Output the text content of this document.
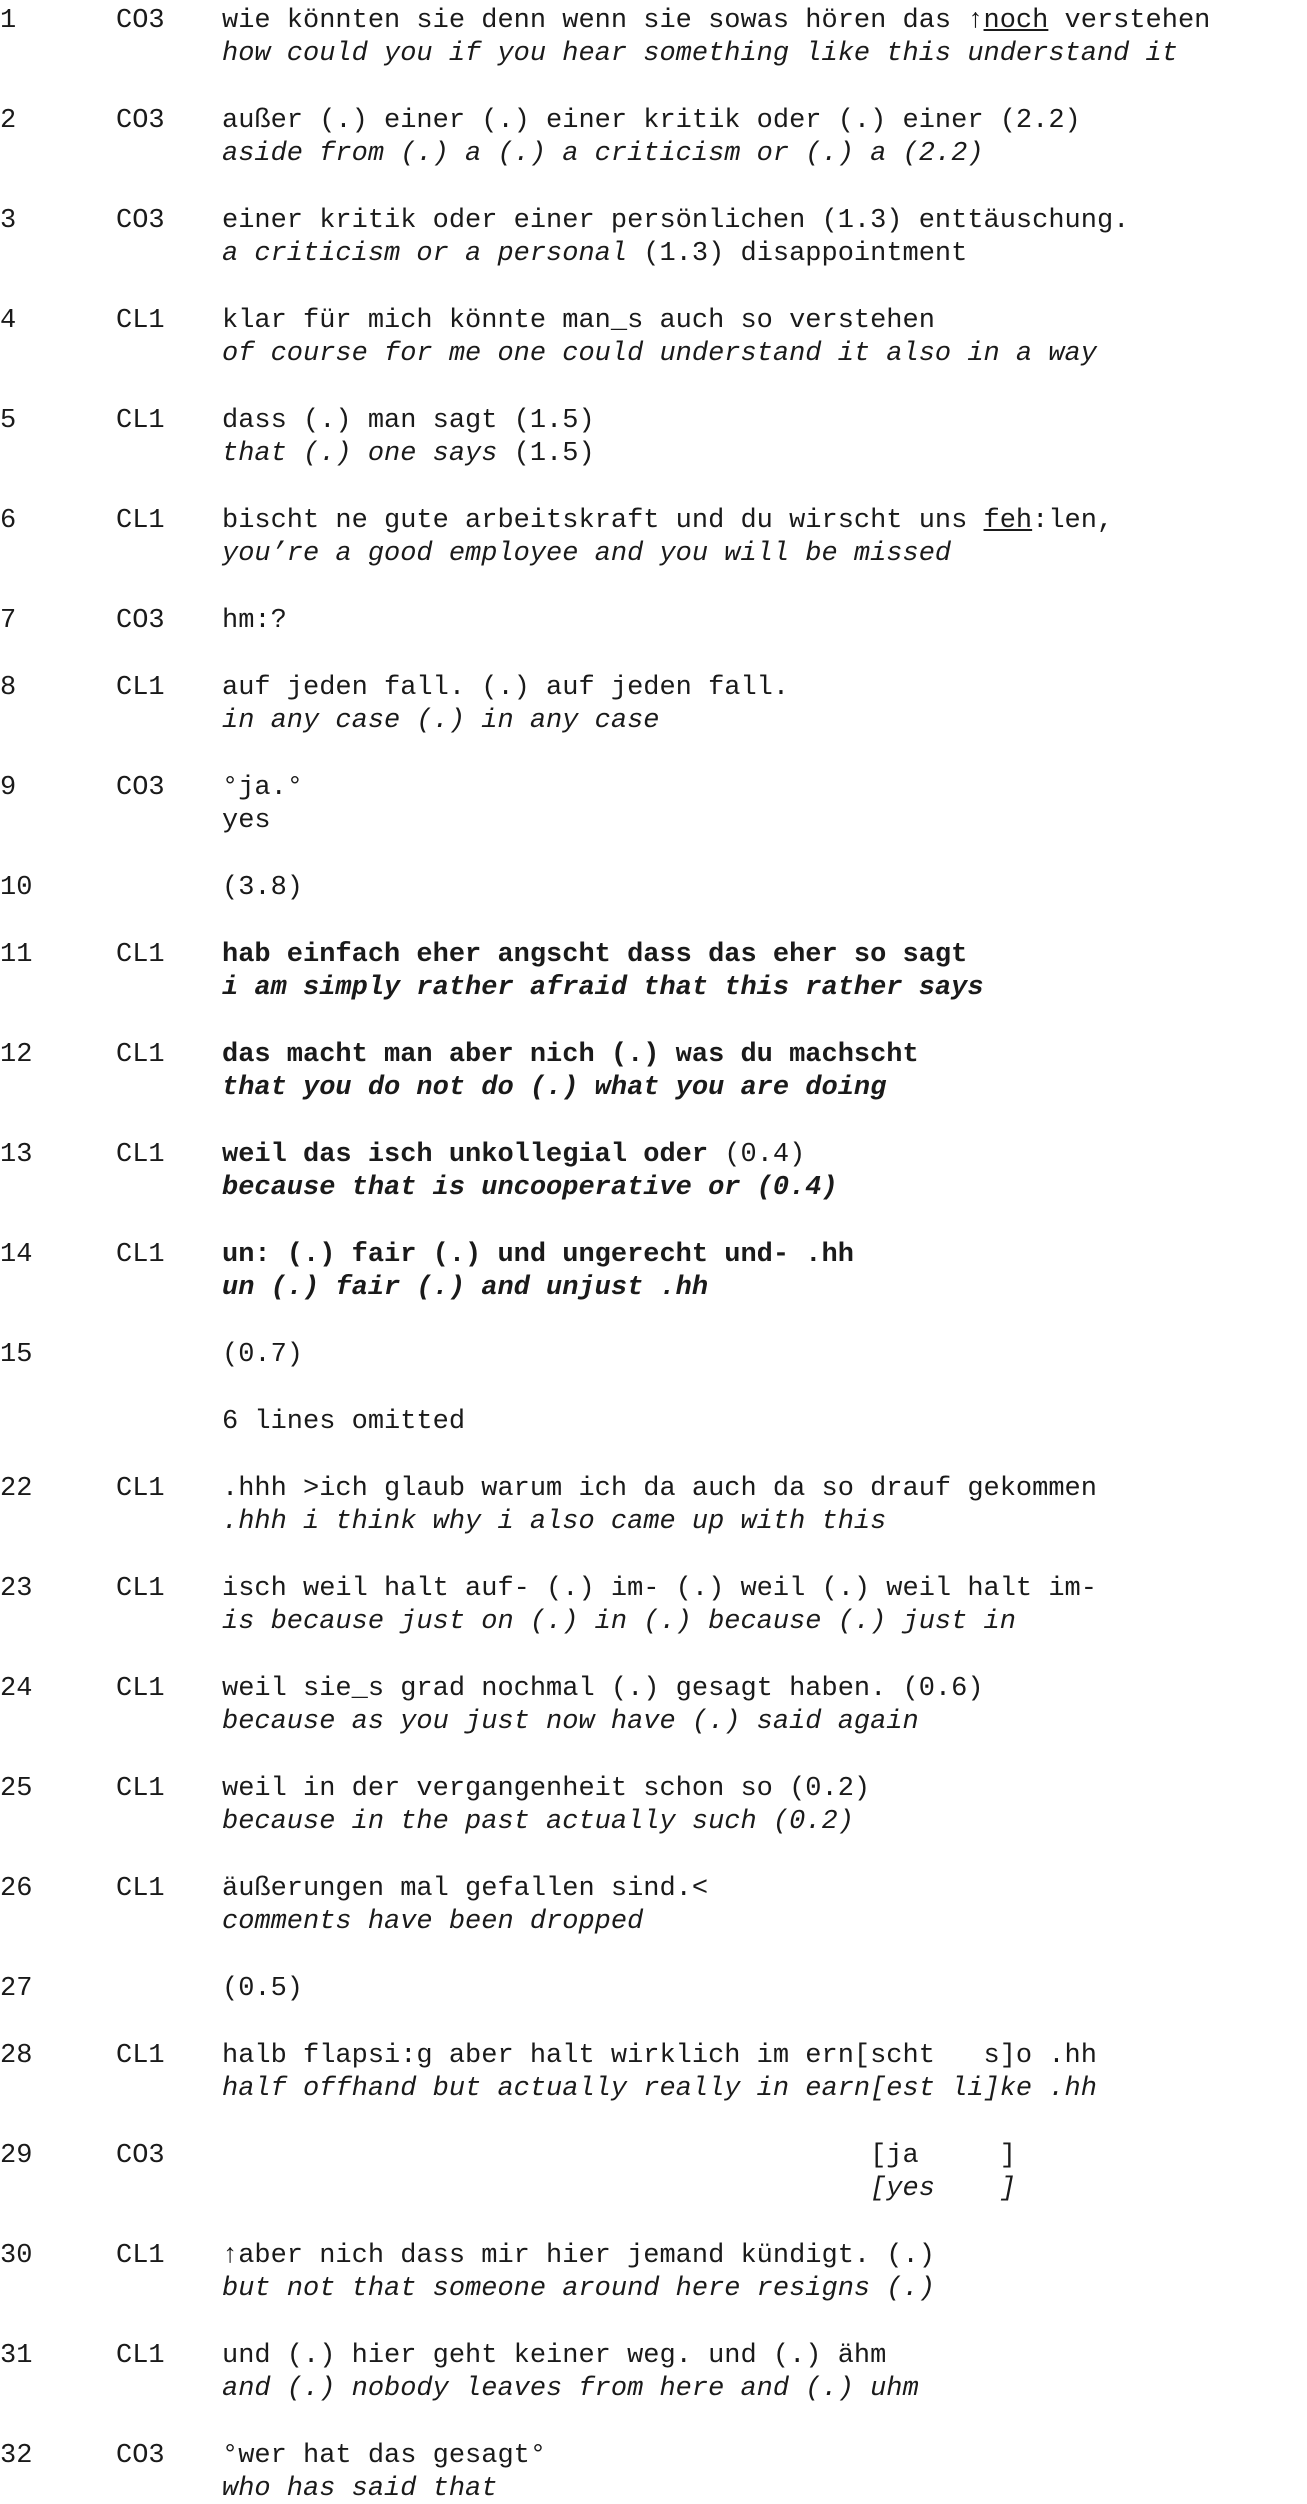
1	CO3 wie könnten sie denn wenn sie sowas hören das ↑noch verstehen
how could you if you hear something like this understand it
2	CO3 außer (.) einer (.) einer kritik oder (.) einer (2.2)
aside from (.) a (.) a criticism or (.) a (2.2)
3	CO3 einer kritik oder einer persönlichen (1.3) enttäuschung.
a criticism or a personal (1.3) disappointment
4	CL1 klar für mich könnte man_s auch so verstehen
of course for me one could understand it also in a way
5	CL1 dass (.) man sagt (1.5)
that (.) one says (1.5)
6	CL1 bischt ne gute arbeitskraft und du wirscht uns feh:len,
you’re a good employee and you will be missed
7	CO3 hm:?
8	CL1 auf jeden fall. (.) auf jeden fall.
in any case (.) in any case
9	CO3 °ja.°
yes
10	(3.8)
11	CL1 hab einfach eher angscht dass das eher so sagt
i am simply rather afraid that this rather says
12	CL1 das macht man aber nich (.) was du machscht
that you do not do (.) what you are doing
13	CL1 weil das isch unkollegial oder (0.4)
because that is uncooperative or (0.4)
14	CL1 un: (.) fair (.) und ungerecht und- .hh
un (.) fair (.) and unjust .hh
15	(0.7)
6 lines omitted
22	CL1 .hhh >ich glaub warum ich da auch da so drauf gekommen
.hhh i think why i also came up with this
23	CL1 isch weil halt auf- (.) im- (.) weil (.) weil halt im-
is because just on (.) in (.) because (.) just in
24	CL1 weil sie_s grad nochmal (.) gesagt haben. (0.6)
because as you just now have (.) said again
25	CL1 weil in der vergangenheit schon so (0.2)
because in the past actually such (0.2)
26	CL1 äußerungen mal gefallen sind.<
comments have been dropped
27	(0.5)
28	CL1 halb flapsi:g aber halt wirklich im ern[scht   s]o .hh
half offhand but actually really in earn[est li]ke .hh
29	CO3 [ja     ]
[yes    ]
30	CL1 ↑aber nich dass mir hier jemand kündigt. (.)
but not that someone around here resigns (.)
31	CL1 und (.) hier geht keiner weg. und (.) ähm
and (.) nobody leaves from here and (.) uhm
32	CO3 °wer hat das gesagt°
who has said that
